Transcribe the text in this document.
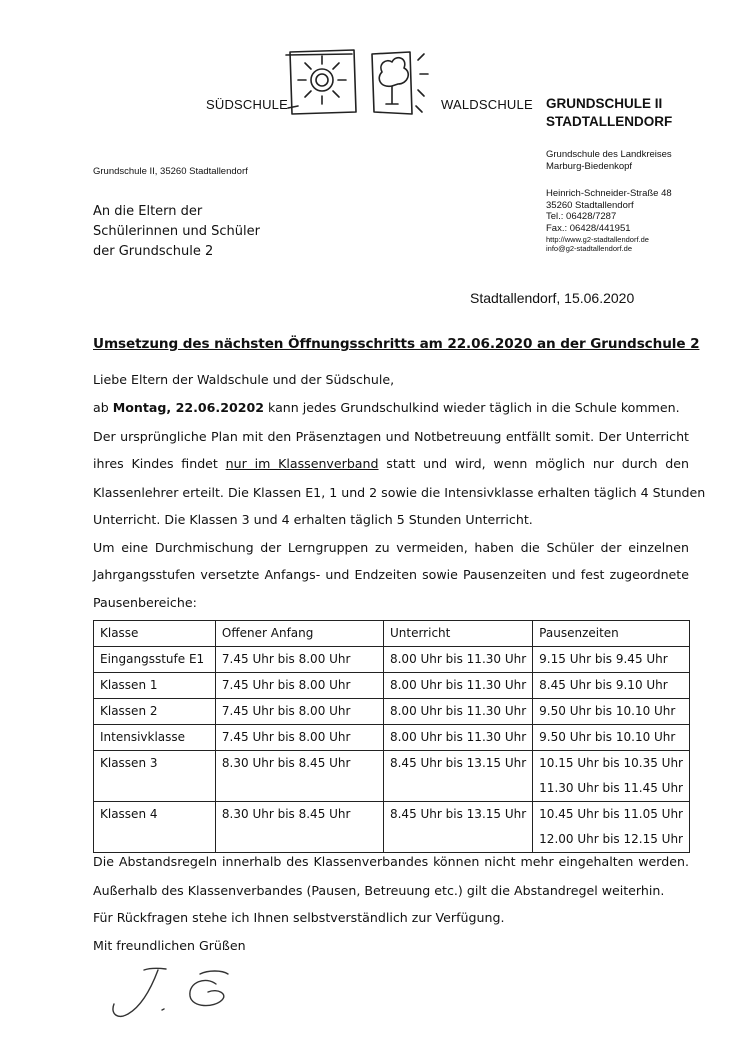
SÜDSCHULE	WALDSCHULE GRUNDSCHULE II
STADTALLENDORF
Grundschule II, 35260 Stadtallendorf
Grundschule des Landkreises
Marburg-Biedenkopf
Heinrich-Schneider-Straße 48
35260 Stadtallendorf
Tel.: 06428/7287
Fax.: 06428/441951
http://www.g2-stadtallendorf.de
info@g2-stadtallendorf.de
An die Eltern der
Schülerinnen und Schüler
der Grundschule 2
Stadtallendorf, 15.06.2020
Umsetzung des nächsten Öffnungsschritts am 22.06.2020 an der Grundschule 2
Liebe Eltern der Waldschule und der Südschule,
ab Montag, 22.06.20202 kann jedes Grundschulkind wieder täglich in die Schule kommen.
Der ursprüngliche Plan mit den Präsenztagen und Notbetreuung entfällt somit. Der Unterricht
ihres Kindes findet nur im Klassenverband statt und wird, wenn möglich nur durch den
Klassenlehrer erteilt. Die Klassen E1, 1 und 2 sowie die Intensivklasse erhalten täglich 4 Stunden
Unterricht. Die Klassen 3 und 4 erhalten täglich 5 Stunden Unterricht.
Um eine Durchmischung der Lerngruppen zu vermeiden, haben die Schüler der einzelnen
Jahrgangsstufen versetzte Anfangs- und Endzeiten sowie Pausenzeiten und fest zugeordnete
Pausenbereiche:
Klasse	Offener Anfang	Unterricht	Pausenzeiten
Eingangsstufe E1	7.45 Uhr bis 8.00 Uhr	8.00 Uhr bis 11.30 Uhr	9.15 Uhr bis 9.45 Uhr
Klassen 1	7.45 Uhr bis 8.00 Uhr	8.00 Uhr bis 11.30 Uhr	8.45 Uhr bis 9.10 Uhr
Klassen 2	7.45 Uhr bis 8.00 Uhr	8.00 Uhr bis 11.30 Uhr	9.50 Uhr bis 10.10 Uhr
Intensivklasse	7.45 Uhr bis 8.00 Uhr	8.00 Uhr bis 11.30 Uhr	9.50 Uhr bis 10.10 Uhr
Klassen 3	8.30 Uhr bis 8.45 Uhr	8.45 Uhr bis 13.15 Uhr	10.15 Uhr bis 10.35 Uhr
11.30 Uhr bis 11.45 Uhr

Klassen 4	8.30 Uhr bis 8.45 Uhr	8.45 Uhr bis 13.15 Uhr	10.45 Uhr bis 11.05 Uhr
12.00 Uhr bis 12.15 Uhr
Die Abstandsregeln innerhalb des Klassenverbandes können nicht mehr eingehalten werden.
Außerhalb des Klassenverbandes (Pausen, Betreuung etc.) gilt die Abstandregel weiterhin.
Für Rückfragen stehe ich Ihnen selbstverständlich zur Verfügung.
Mit freundlichen Grüßen
